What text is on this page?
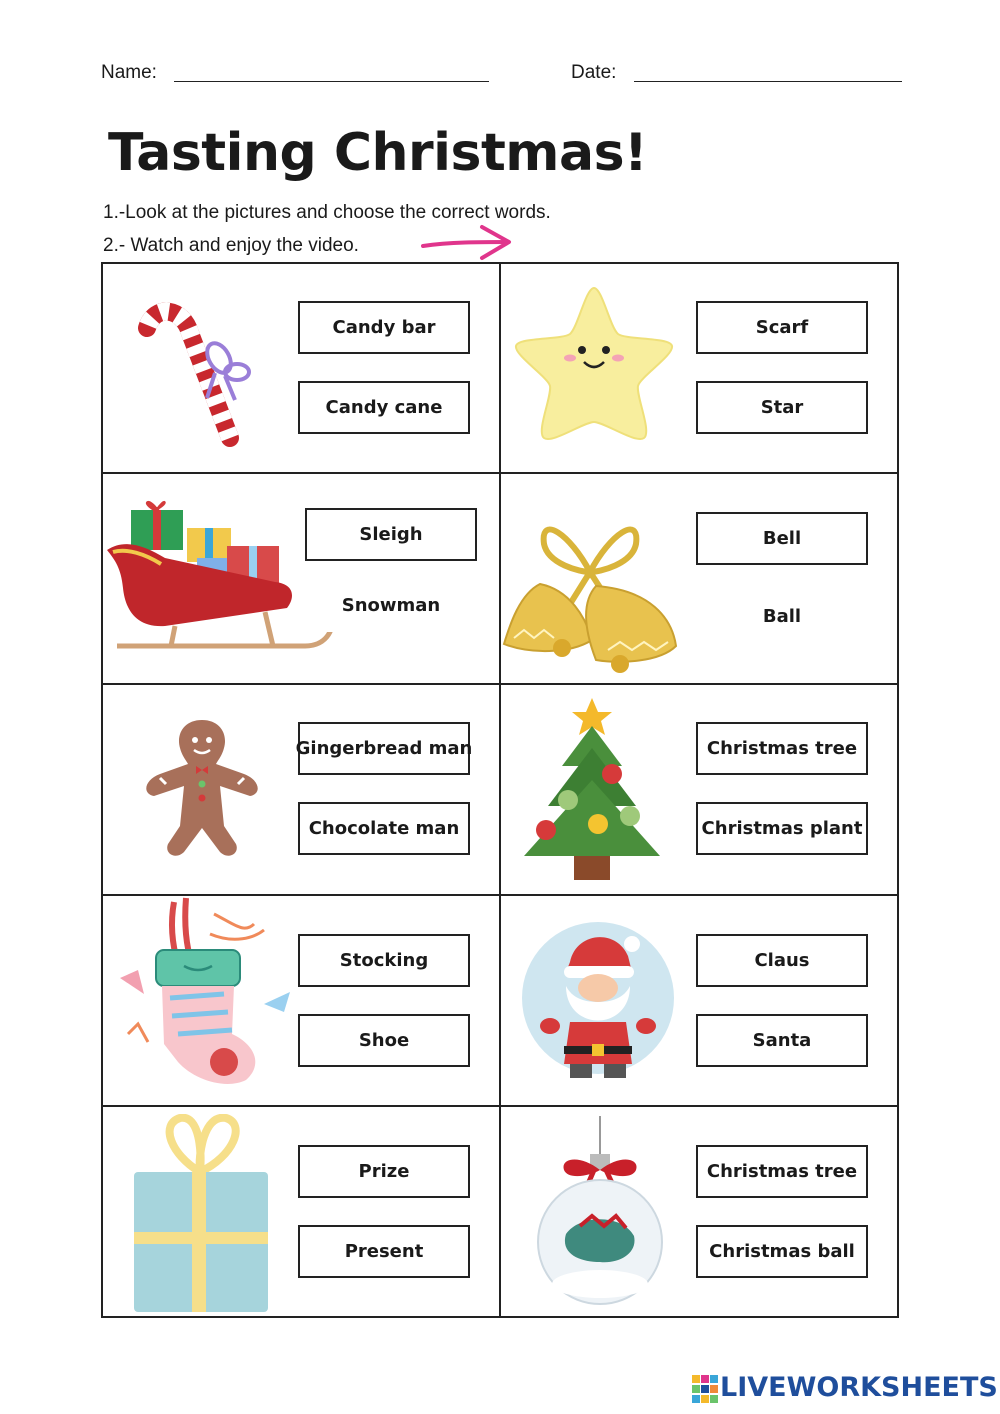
Name:	Date:
Tasting Christmas!
1.-Look at the pictures and choose the correct words.
2.- Watch and enjoy the video.
Candy bar
Candy cane
Scarf
Star
Sleigh
Snowman
Bell
Ball
Gingerbread man
Chocolate man
Christmas tree
Christmas plant
Stocking
Shoe
Claus
Santa
Prize
Present
Christmas tree
Christmas ball
LIVEWORKSHEETS
